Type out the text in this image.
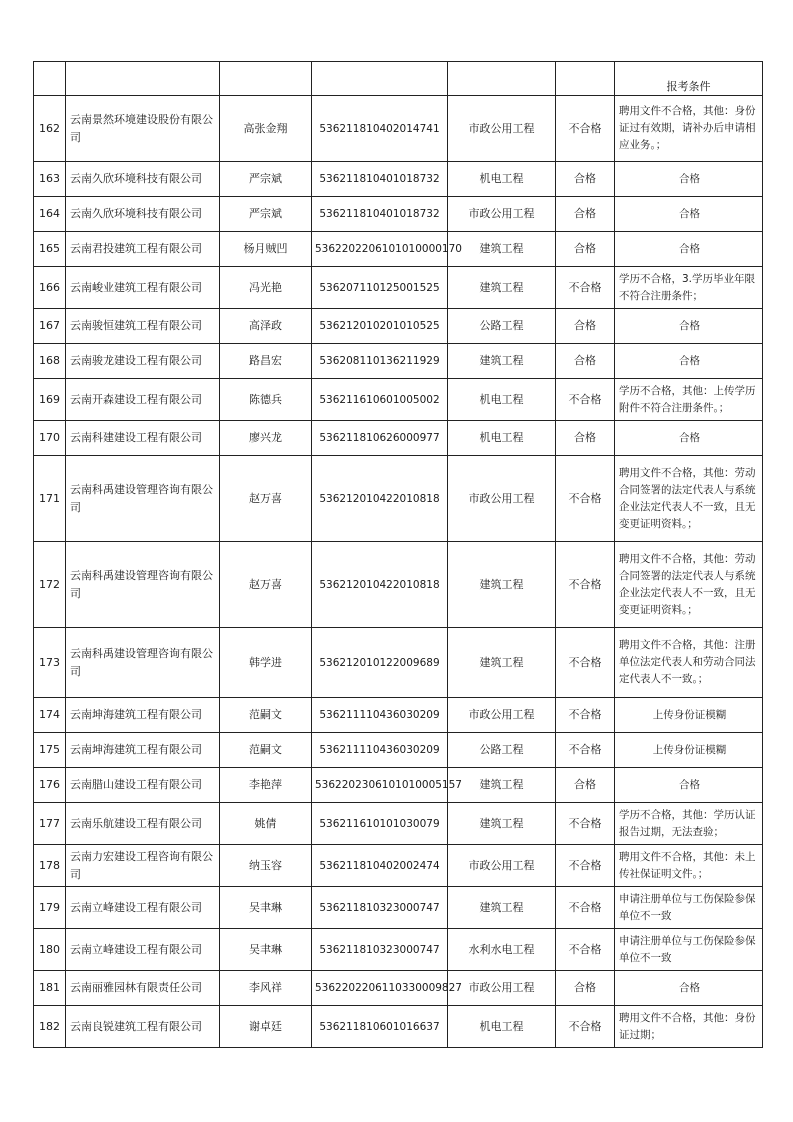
						报考条件
162	云南景然环境建设股份有限公司	高张金翔	536211810402014741	市政公用工程	不合格	聘用文件不合格，其他：身份证过有效期，请补办后申请相应业务。；
163	云南久欣环境科技有限公司	严宗斌	536211810401018732	机电工程	合格	合格
164	云南久欣环境科技有限公司	严宗斌	536211810401018732	市政公用工程	合格	合格
165	云南君投建筑工程有限公司	杨月贼凹	5362202206101010000170	建筑工程	合格	合格
166	云南峻业建筑工程有限公司	冯光艳	536207110125001525	建筑工程	不合格	学历不合格，3.学历毕业年限不符合注册条件；
167	云南骏恒建筑工程有限公司	高泽政	536212010201010525	公路工程	合格	合格
168	云南骏龙建设工程有限公司	路昌宏	536208110136211929	建筑工程	合格	合格
169	云南开森建设工程有限公司	陈德兵	536211610601005002	机电工程	不合格	学历不合格，其他：上传学历附件不符合注册条件。；
170	云南科建建设工程有限公司	廖兴龙	536211810626000977	机电工程	合格	合格
171	云南科禹建设管理咨询有限公司	赵万喜	536212010422010818	市政公用工程	不合格	聘用文件不合格，其他：劳动合同签署的法定代表人与系统企业法定代表人不一致，且无变更证明资料。；
172	云南科禹建设管理咨询有限公司	赵万喜	536212010422010818	建筑工程	不合格	聘用文件不合格，其他：劳动合同签署的法定代表人与系统企业法定代表人不一致，且无变更证明资料。；
173	云南科禹建设管理咨询有限公司	韩学进	536212010122009689	建筑工程	不合格	聘用文件不合格，其他：注册单位法定代表人和劳动合同法定代表人不一致。；
174	云南坤海建筑工程有限公司	范嗣文	536211110436030209	市政公用工程	不合格	上传身份证模糊
175	云南坤海建筑工程有限公司	范嗣文	536211110436030209	公路工程	不合格	上传身份证模糊
176	云南腊山建设工程有限公司	李艳萍	5362202306101010005157	建筑工程	合格	合格
177	云南乐航建设工程有限公司	姚倩	536211610101030079	建筑工程	不合格	学历不合格，其他：学历认证报告过期，无法查验；
178	云南力宏建设工程咨询有限公司	纳玉容	536211810402002474	市政公用工程	不合格	聘用文件不合格，其他：未上传社保证明文件。；
179	云南立峰建设工程有限公司	吴聿琳	536211810323000747	建筑工程	不合格	申请注册单位与工伤保险参保单位不一致
180	云南立峰建设工程有限公司	吴聿琳	536211810323000747	水利水电工程	不合格	申请注册单位与工伤保险参保单位不一致
181	云南丽雅园林有限责任公司	李风祥	5362202206110330009827	市政公用工程	合格	合格
182	云南良锐建筑工程有限公司	谢卓廷	536211810601016637	机电工程	不合格	聘用文件不合格，其他：身份证过期；
